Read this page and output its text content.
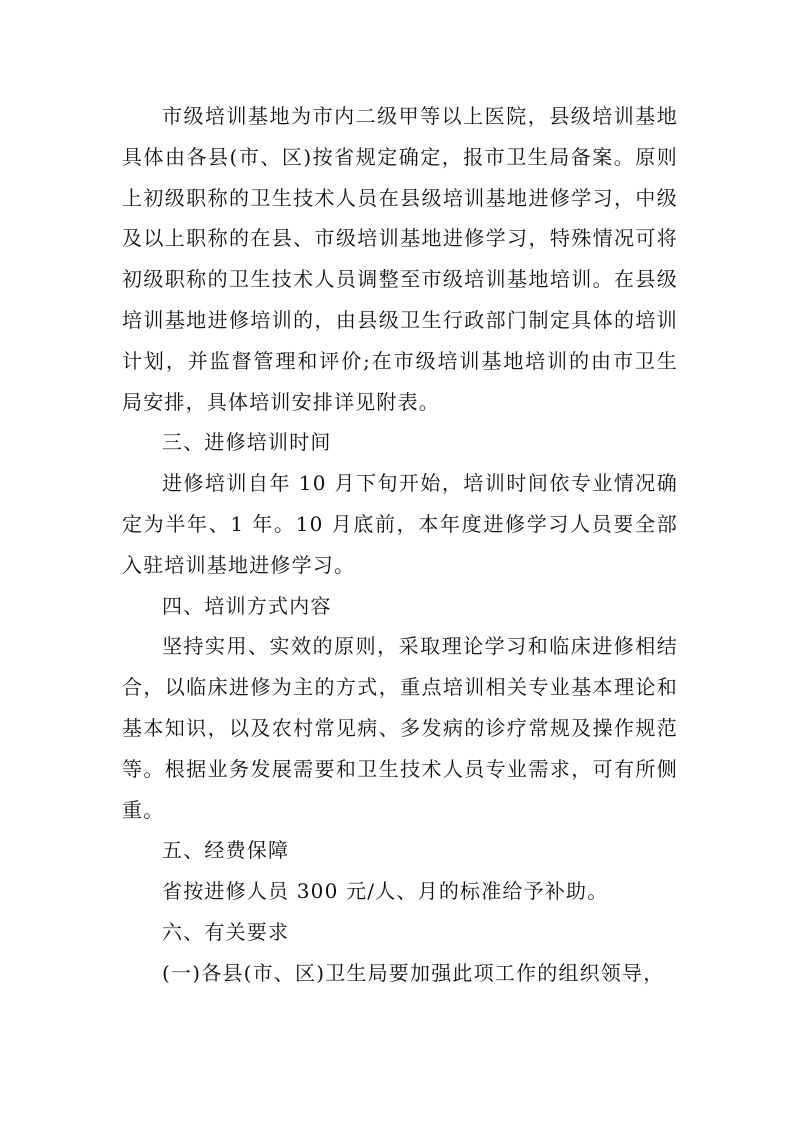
市级培训基地为市内二级甲等以上医院，县级培训基地具体由各县(市、区)按省规定确定，报市卫生局备案。原则上初级职称的卫生技术人员在县级培训基地进修学习，中级及以上职称的在县、市级培训基地进修学习，特殊情况可将初级职称的卫生技术人员调整至市级培训基地培训。在县级培训基地进修培训的，由县级卫生行政部门制定具体的培训计划，并监督管理和评价;在市级培训基地培训的由市卫生局安排，具体培训安排详见附表。

三、进修培训时间

进修培训自年 10 月下旬开始，培训时间依专业情况确定为半年、1 年。10 月底前，本年度进修学习人员要全部入驻培训基地进修学习。

四、培训方式内容

坚持实用、实效的原则，采取理论学习和临床进修相结合，以临床进修为主的方式，重点培训相关专业基本理论和基本知识，以及农村常见病、多发病的诊疗常规及操作规范等。根据业务发展需要和卫生技术人员专业需求，可有所侧重。

五、经费保障

省按进修人员 300 元/人、月的标准给予补助。

六、有关要求

(一)各县(市、区)卫生局要加强此项工作的组织领导，
